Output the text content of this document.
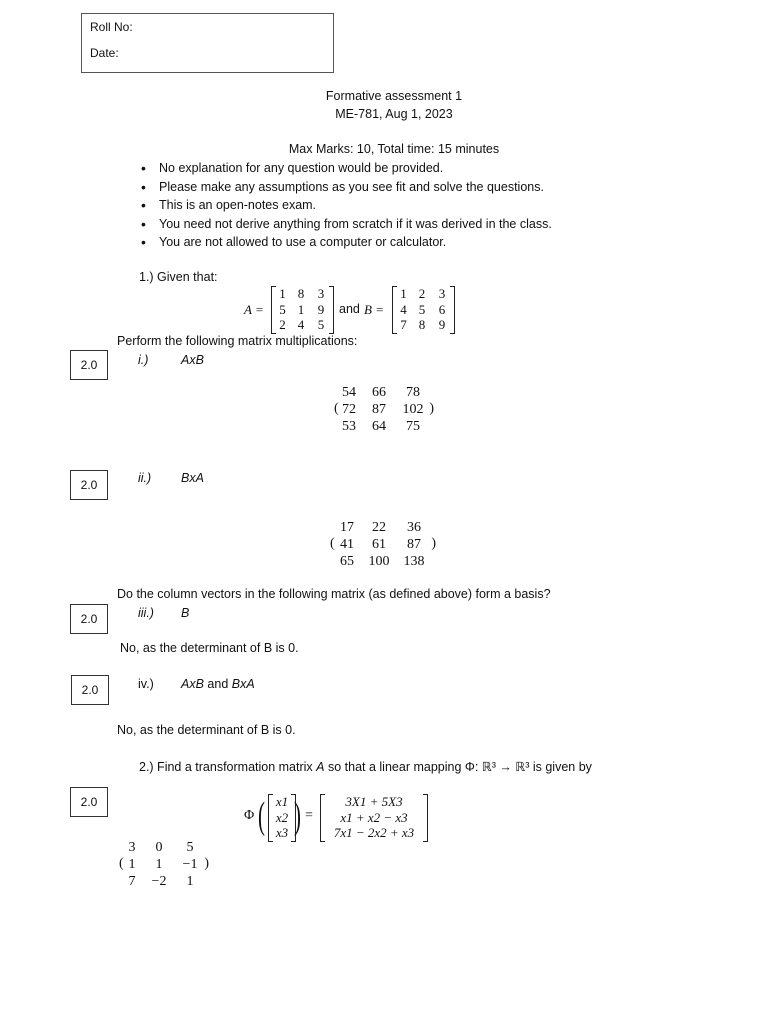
Roll No:
Date:
Formative assessment 1
ME-781, Aug 1, 2023
Max Marks: 10, Total time: 15 minutes
• No explanation for any question would be provided.
• Please make any assumptions as you see fit and solve the questions.
• This is an open-notes exam.
• You need not derive anything from scratch if it was derived in the class.
• You are not allowed to use a computer or calculator.
1.) Given that:
A =
1 8	3
5 1	9
2 4	5
and B =
1 2	3
4 5	6
7 8	9
Perform the following matrix multiplications:
2.0	i.)	AxB
(	)
54	66	78
72	87	102
53	64	75
2.0	ii.) BxA
(	)
17	22	36
41	61	87
65	100	138
Do the column vectors in the following matrix (as defined above) form a basis?
2.0	iii.) B
No, as the determinant of B is 0.
2.0	iv.) AxB and BxA
No, as the determinant of B is 0.
2.) Find a transformation matrix A so that a linear mapping Φ: ℝ³ → ℝ³ is given by
2.0
Φ ( x1
x2
x3 ) =
3X1 + 5X3
x1 + x2 − x3
7x1 − 2x2 + x3
(	)
3	0	5
1	1	−1
7	−2	1
